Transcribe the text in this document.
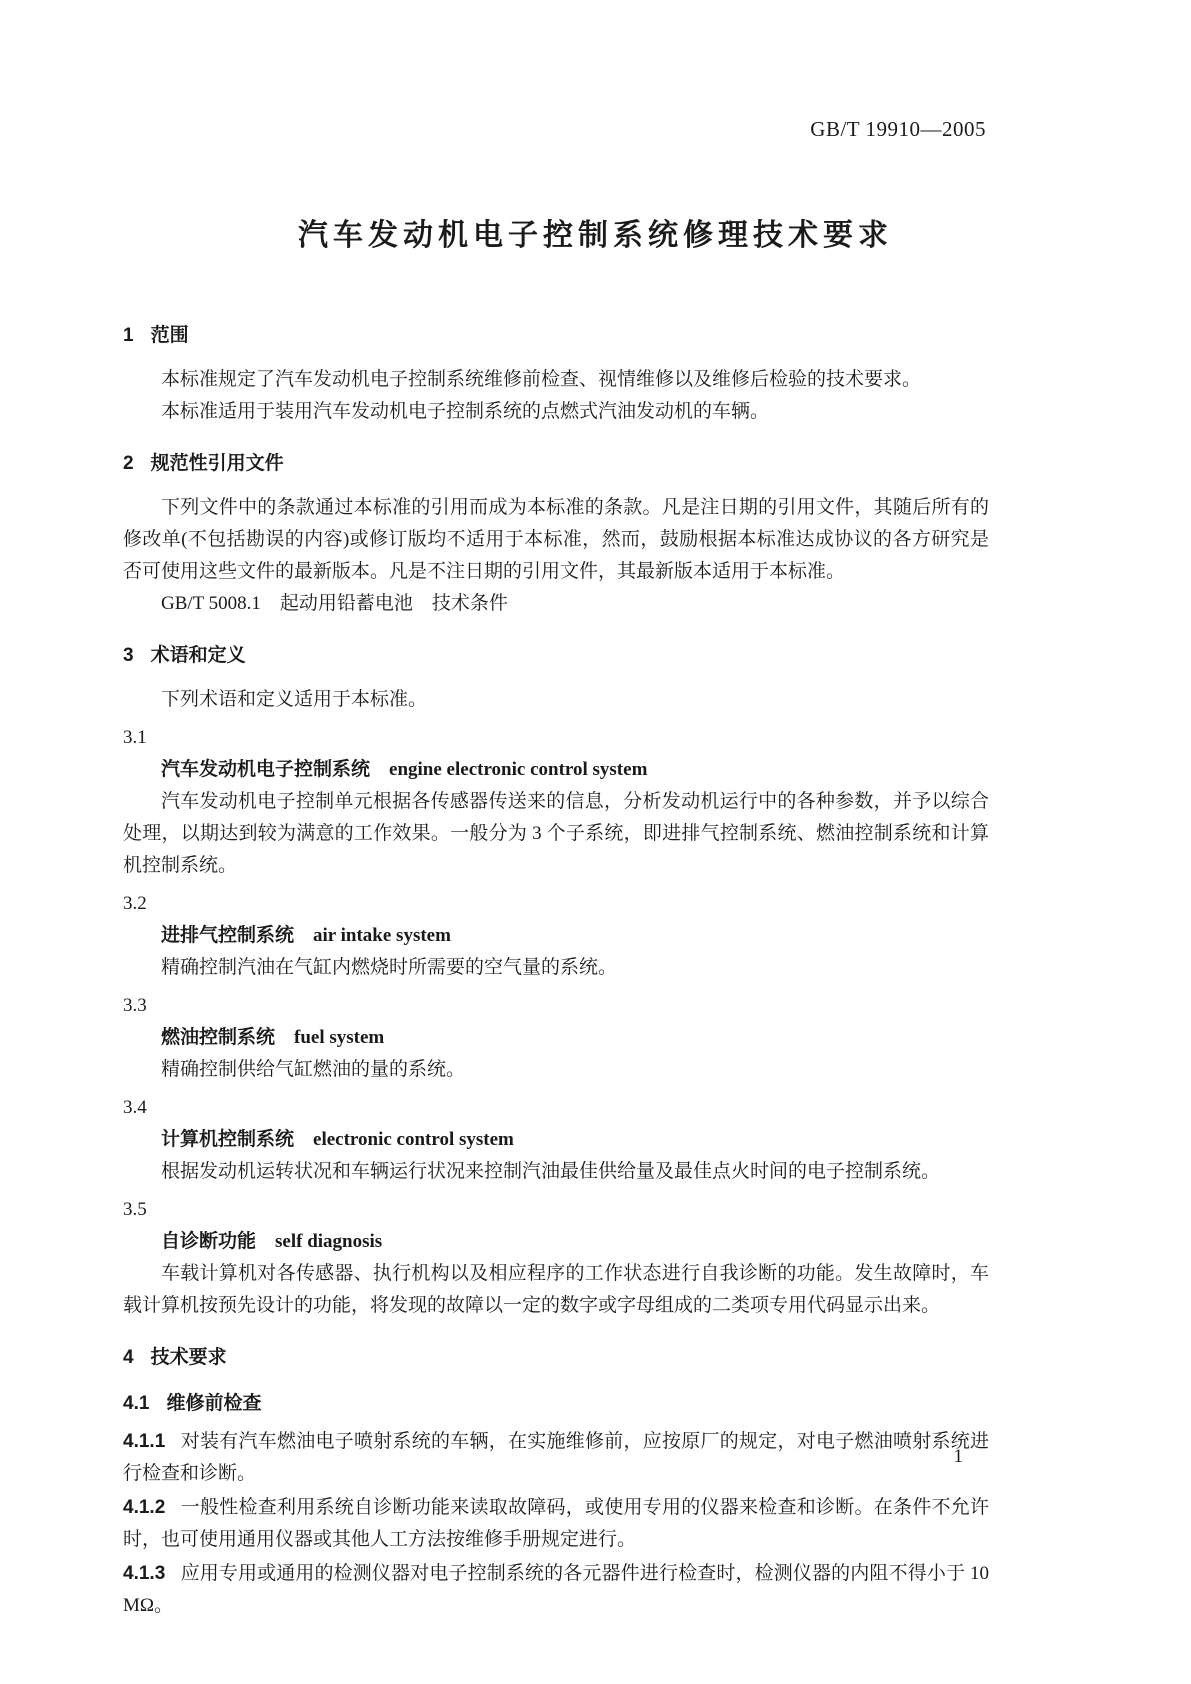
GB/T 19910—2005
汽车发动机电子控制系统修理技术要求
1 范围

本标准规定了汽车发动机电子控制系统维修前检查、视情维修以及维修后检验的技术要求。

本标准适用于装用汽车发动机电子控制系统的点燃式汽油发动机的车辆。

2 规范性引用文件

下列文件中的条款通过本标准的引用而成为本标准的条款。凡是注日期的引用文件，其随后所有的修改单(不包括勘误的内容)或修订版均不适用于本标准，然而，鼓励根据本标准达成协议的各方研究是否可使用这些文件的最新版本。凡是不注日期的引用文件，其最新版本适用于本标准。

GB/T 5008.1　起动用铅蓄电池　技术条件

3 术语和定义

下列术语和定义适用于本标准。

3.1

汽车发动机电子控制系统 engine electronic control system

汽车发动机电子控制单元根据各传感器传送来的信息，分析发动机运行中的各种参数，并予以综合处理，以期达到较为满意的工作效果。一般分为 3 个子系统，即进排气控制系统、燃油控制系统和计算机控制系统。

3.2

进排气控制系统 air intake system

精确控制汽油在气缸内燃烧时所需要的空气量的系统。

3.3

燃油控制系统 fuel system

精确控制供给气缸燃油的量的系统。

3.4

计算机控制系统 electronic control system

根据发动机运转状况和车辆运行状况来控制汽油最佳供给量及最佳点火时间的电子控制系统。

3.5

自诊断功能 self diagnosis

车载计算机对各传感器、执行机构以及相应程序的工作状态进行自我诊断的功能。发生故障时，车载计算机按预先设计的功能，将发现的故障以一定的数字或字母组成的二类项专用代码显示出来。

4 技术要求
4.1 维修前检查

4.1.1 对装有汽车燃油电子喷射系统的车辆，在实施维修前，应按原厂的规定，对电子燃油喷射系统进行检查和诊断。

4.1.2 一般性检查利用系统自诊断功能来读取故障码，或使用专用的仪器来检查和诊断。在条件不允许时，也可使用通用仪器或其他人工方法按维修手册规定进行。

4.1.3 应用专用或通用的检测仪器对电子控制系统的各元器件进行检查时，检测仪器的内阻不得小于 10 MΩ。

1
